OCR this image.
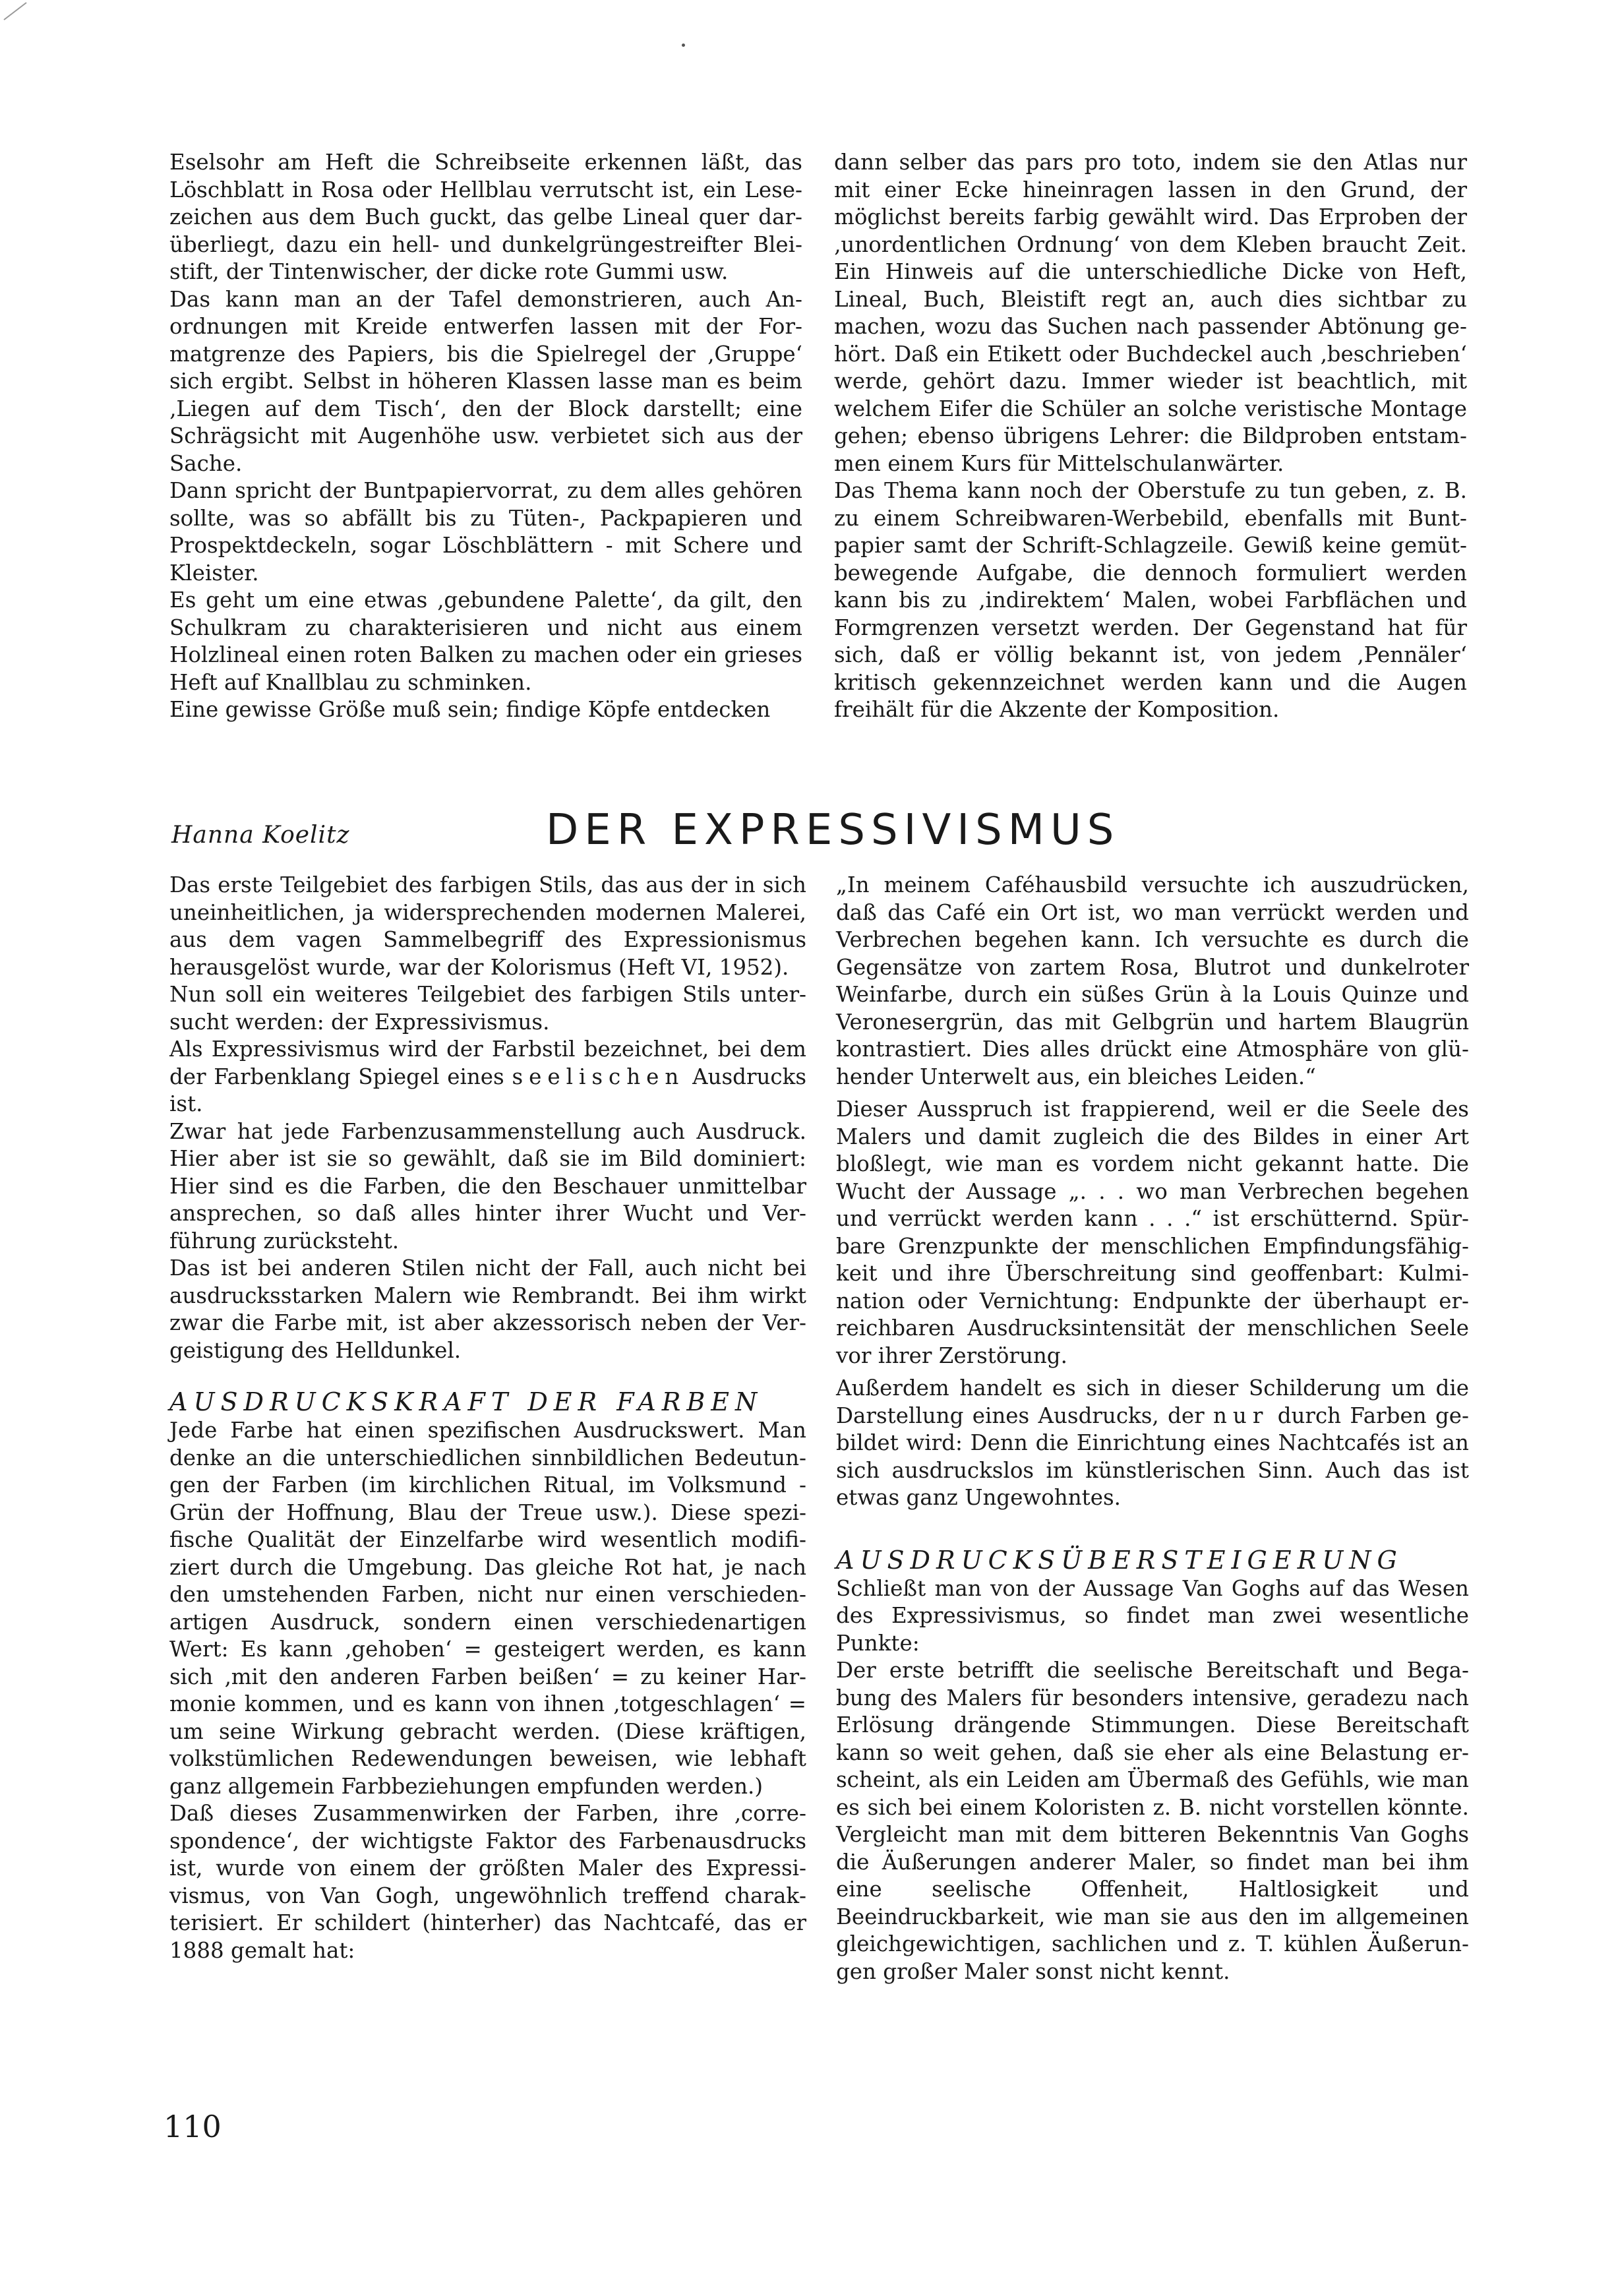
Eselsohr am Heft die Schreibseite erkennen läßt, das Löschblatt in Rosa oder Hellblau verrutscht ist, ein Lesezeichen aus dem Buch guckt, das gelbe Lineal quer darüberliegt, dazu ein hell- und dunkelgrüngestreifter Bleistift, der Tintenwischer, der dicke rote Gummi usw.

Das kann man an der Tafel demonstrieren, auch Anordnungen mit Kreide entwerfen lassen mit der Formatgrenze des Papiers, bis die Spielregel der ‚Gruppe‘ sich ergibt. Selbst in höheren Klassen lasse man es beim ‚Liegen auf dem Tisch‘, den der Block darstellt; eine Schrägsicht mit Augenhöhe usw. verbietet sich aus der Sache.

Dann spricht der Buntpapiervorrat, zu dem alles gehören sollte, was so abfällt bis zu Tüten-, Packpapieren und Prospektdeckeln, sogar Löschblättern - mit Schere und Kleister.

Es geht um eine etwas ‚gebundene Palette‘, da gilt, den Schulkram zu charakterisieren und nicht aus einem Holzlineal einen roten Balken zu machen oder ein grieses Heft auf Knallblau zu schminken.

Eine gewisse Größe muß sein; findige Köpfe entdecken

dann selber das pars pro toto, indem sie den Atlas nur mit einer Ecke hineinragen lassen in den Grund, der möglichst bereits farbig gewählt wird. Das Erproben der ‚unordentlichen Ordnung‘ von dem Kleben braucht Zeit. Ein Hinweis auf die unterschiedliche Dicke von Heft, Lineal, Buch, Bleistift regt an, auch dies sichtbar zu machen, wozu das Suchen nach passender Abtönung gehört. Daß ein Etikett oder Buchdeckel auch ‚beschrieben‘ werde, gehört dazu. Immer wieder ist beachtlich, mit welchem Eifer die Schüler an solche veristische Montage gehen; ebenso übrigens Lehrer: die Bildproben entstammen einem Kurs für Mittelschulanwärter.

Das Thema kann noch der Oberstufe zu tun geben, z. B. zu einem Schreibwaren-Werbebild, ebenfalls mit Buntpapier samt der Schrift-Schlagzeile. Gewiß keine gemütbewegende Aufgabe, die dennoch formuliert werden kann bis zu ‚indirektem‘ Malen, wobei Farbflächen und Formgrenzen versetzt werden. Der Gegenstand hat für sich, daß er völlig bekannt ist, von jedem ‚Pennäler‘ kritisch gekennzeichnet werden kann und die Augen freihält für die Akzente der Komposition.

Hanna Koelitz	DER EXPRESSIVISMUS

Das erste Teilgebiet des farbigen Stils, das aus der in sich uneinheitlichen, ja widersprechenden modernen Malerei, aus dem vagen Sammelbegriff des Expressionismus herausgelöst wurde, war der Kolorismus (Heft VI, 1952).

Nun soll ein weiteres Teilgebiet des farbigen Stils untersucht werden: der Expressivismus.

Als Expressivismus wird der Farbstil bezeichnet, bei dem der Farbenklang Spiegel eines seelischen Ausdrucks ist.

Zwar hat jede Farbenzusammenstellung auch Ausdruck. Hier aber ist sie so gewählt, daß sie im Bild dominiert: Hier sind es die Farben, die den Beschauer unmittelbar ansprechen, so daß alles hinter ihrer Wucht und Verführung zurücksteht.

Das ist bei anderen Stilen nicht der Fall, auch nicht bei ausdrucksstarken Malern wie Rembrandt. Bei ihm wirkt zwar die Farbe mit, ist aber akzessorisch neben der Vergeistigung des Helldunkel.

AUSDRUCKSKRAFT DER FARBEN

Jede Farbe hat einen spezifischen Ausdruckswert. Man denke an die unterschiedlichen sinnbildlichen Bedeutungen der Farben (im kirchlichen Ritual, im Volksmund - Grün der Hoffnung, Blau der Treue usw.). Diese spezifische Qualität der Einzelfarbe wird wesentlich modifiziert durch die Umgebung. Das gleiche Rot hat, je nach den umstehenden Farben, nicht nur einen verschiedenartigen Ausdruck, sondern einen verschiedenartigen Wert: Es kann ‚gehoben‘ = gesteigert werden, es kann sich ‚mit den anderen Farben beißen‘ = zu keiner Harmonie kommen, und es kann von ihnen ‚totgeschlagen‘ = um seine Wirkung gebracht werden. (Diese kräftigen, volkstümlichen Redewendungen beweisen, wie lebhaft ganz allgemein Farbbeziehungen empfunden werden.)

Daß dieses Zusammenwirken der Farben, ihre ‚correspondence‘, der wichtigste Faktor des Farbenausdrucks ist, wurde von einem der größten Maler des Expressivismus, von Van Gogh, ungewöhnlich treffend charakterisiert. Er schildert (hinterher) das Nachtcafé, das er 1888 gemalt hat:

„In meinem Caféhausbild versuchte ich auszudrücken, daß das Café ein Ort ist, wo man verrückt werden und Verbrechen begehen kann. Ich versuchte es durch die Gegensätze von zartem Rosa, Blutrot und dunkelroter Weinfarbe, durch ein süßes Grün à la Louis Quinze und Veronesergrün, das mit Gelbgrün und hartem Blaugrün kontrastiert. Dies alles drückt eine Atmosphäre von glühender Unterwelt aus, ein bleiches Leiden.“

Dieser Ausspruch ist frappierend, weil er die Seele des Malers und damit zugleich die des Bildes in einer Art bloßlegt, wie man es vordem nicht gekannt hatte. Die Wucht der Aussage „. . . wo man Verbrechen begehen und verrückt werden kann . . .“ ist erschütternd. Spürbare Grenzpunkte der menschlichen Empfindungsfähigkeit und ihre Überschreitung sind geoffenbart: Kulmination oder Vernichtung: Endpunkte der überhaupt erreichbaren Ausdrucksintensität der menschlichen Seele vor ihrer Zerstörung.

Außerdem handelt es sich in dieser Schilderung um die Darstellung eines Ausdrucks, der nur durch Farben gebildet wird: Denn die Einrichtung eines Nachtcafés ist an sich ausdruckslos im künstlerischen Sinn. Auch das ist etwas ganz Ungewohntes.

AUSDRUCKSÜBERSTEIGERUNG

Schließt man von der Aussage Van Goghs auf das Wesen des Expressivismus, so findet man zwei wesentliche Punkte:

Der erste betrifft die seelische Bereitschaft und Begabung des Malers für besonders intensive, geradezu nach Erlösung drängende Stimmungen. Diese Bereitschaft kann so weit gehen, daß sie eher als eine Belastung erscheint, als ein Leiden am Übermaß des Gefühls, wie man es sich bei einem Koloristen z. B. nicht vorstellen könnte. Vergleicht man mit dem bitteren Bekenntnis Van Goghs die Äußerungen anderer Maler, so findet man bei ihm eine seelische Offenheit, Haltlosigkeit und Beeindruckbarkeit, wie man sie aus den im allgemeinen gleichgewichtigen, sachlichen und z. T. kühlen Äußerungen großer Maler sonst nicht kennt.

110
